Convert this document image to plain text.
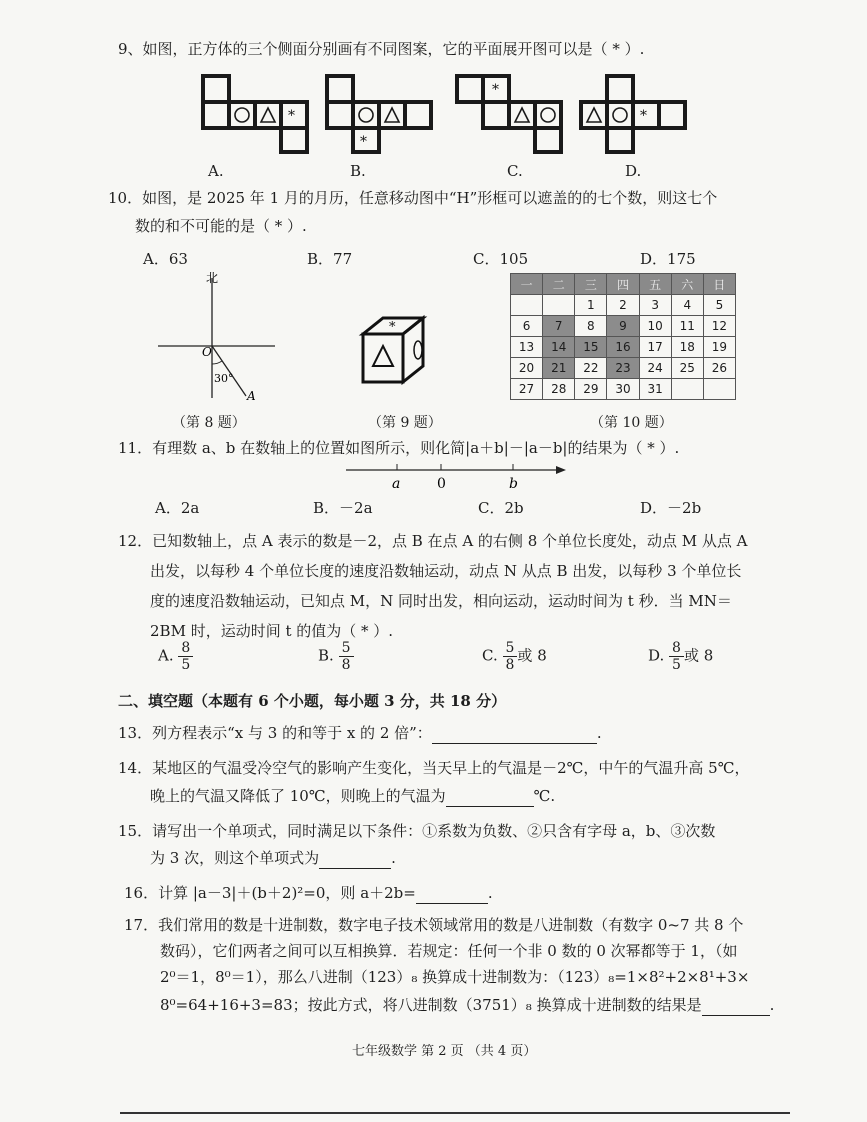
9、如图，正方体的三个侧面分别画有不同图案，它的平面展开图可以是（ * ）.
*
*
*
*
A.	B.	C.	D.
10．如图，是 2025 年 1 月的月历，任意移动图中“H”形框可以遮盖的的七个数，则这七个
数的和不可能的是（ * ）.
A．63	B．77	C．105	D．175
北
O
30°
A
（第 8 题）
*
（第 9 题）
一	二	三	四	五	六	日
		1	2	3	4	5
6	7	8	9	10	11	12
13	14	15	16	17	18	19
20	21	22	23	24	25	26
27	28	29	30	31		
（第 10 题）
11．有理数 a、b 在数轴上的位置如图所示，则化简|a＋b|－|a－b|的结果为（ * ）.
a	0	b
A．2a	B．－2a	C．2b	D．－2b
12．已知数轴上，点 A 表示的数是－2，点 B 在点 A 的右侧 8 个单位长度处，动点 M 从点 A
出发，以每秒 4 个单位长度的速度沿数轴运动，动点 N 从点 B 出发，以每秒 3 个单位长
度的速度沿数轴运动，已知点 M，N 同时出发，相向运动，运动时间为 t 秒．当 MN＝
2BM 时，运动时间 t 的值为（ * ）.
A. $\frac{8}{5}$	B. $\frac{5}{8}$	C. $\frac{5}{8}$ 或 8	D. $\frac{8}{5}$ 或 8
二、填空题（本题有 6 个小题，每小题 3 分，共 18 分）
13．列方程表示“x 与 3 的和等于 x 的 2 倍”：	.
14．某地区的气温受冷空气的影响产生变化，当天早上的气温是－2℃，中午的气温升高 5℃，
晚上的气温又降低了 10℃，则晚上的气温为	℃.
15．请写出一个单项式，同时满足以下条件：①系数为负数、②只含有字母 a，b、③次数
为 3 次，则这个单项式为	.
16．计算 |a－3|＋(b＋2)²=0，则 a＋2b=	.
17．我们常用的数是十进制数，数字电子技术领域常用的数是八进制数（有数字 0~7 共 8 个
数码），它们两者之间可以互相换算．若规定：任何一个非 0 数的 0 次幂都等于 1，（如
2⁰＝1，8⁰＝1），那么八进制（123）₈ 换算成十进制数为：（123）₈=1×8²+2×8¹+3×
8⁰=64+16+3=83；按此方式，将八进制数（3751）₈ 换算成十进制数的结果是	.
七年级数学 第 2 页 （共 4 页）
